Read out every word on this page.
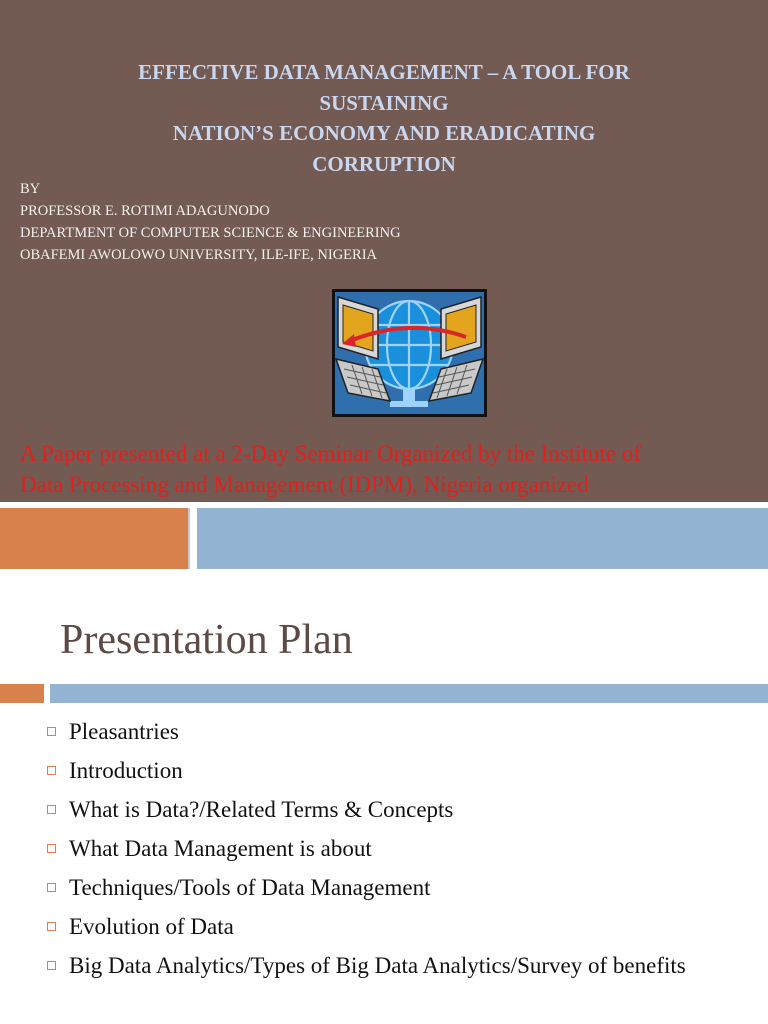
EFFECTIVE DATA MANAGEMENT – A TOOL FOR
SUSTAINING
NATION’S ECONOMY AND ERADICATING
CORRUPTION
BY
PROFESSOR E. ROTIMI ADAGUNODO
DEPARTMENT OF COMPUTER SCIENCE & ENGINEERING
OBAFEMI AWOLOWO UNIVERSITY, ILE-IFE, NIGERIA
A Paper presented at a 2-Day Seminar Organized by the Institute of
Data Processing and Management (IDPM), Nigeria organized
Presentation Plan
Pleasantries
Introduction
What is Data?/Related Terms & Concepts
What Data Management is about
Techniques/Tools of Data Management
Evolution of Data
Big Data Analytics/Types of Big Data Analytics/Survey of benefits
